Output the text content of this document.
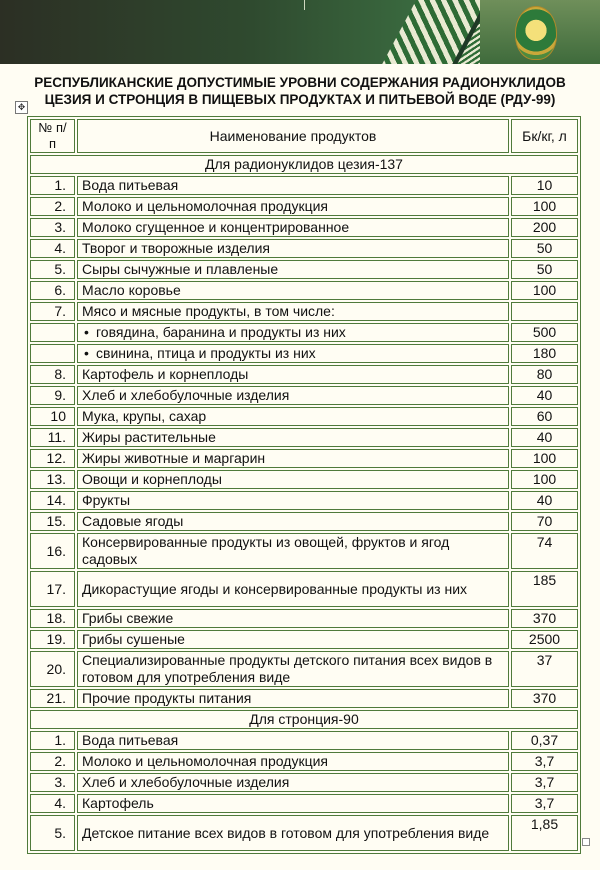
РЕСПУБЛИКАНСКИЕ ДОПУСТИМЫЕ УРОВНИ СОДЕРЖАНИЯ РАДИОНУКЛИДОВ
ЦЕЗИЯ И СТРОНЦИЯ В ПИЩЕВЫХ ПРОДУКТАХ И ПИТЬЕВОЙ ВОДЕ (РДУ-99)
✥
№ п/п	Наименование продуктов	Бк/кг, л
Для радионуклидов цезия-137		
1.	Вода питьевая	10
2.	Молоко и цельномолочная продукция	100
3.	Молоко сгущенное и концентрированное	200
4.	Творог и творожные изделия	50
5.	Сыры сычужные и плавленые	50
6.	Масло коровье	100
7.	Мясо и мясные продукты, в том числе:	
	• говядина, баранина и продукты из них	500
	• свинина, птица и продукты из них	180
8.	Картофель и корнеплоды	80
9.	Хлеб и хлебобулочные изделия	40
10	Мука, крупы, сахар	60
11.	Жиры растительные	40
12.	Жиры животные и маргарин	100
13.	Овощи и корнеплоды	100
14.	Фрукты	40
15.	Садовые ягоды	70
16.	Консервированные продукты из овощей, фруктов и ягод садовых	74
17.	Дикорастущие ягоды и консервированные продукты из них	185
18.	Грибы свежие	370
19.	Грибы сушеные	2500
20.	Специализированные продукты детского питания всех видов в готовом для употребления виде	37
21.	Прочие продукты питания	370
Для стронция-90		
1.	Вода питьевая	0,37
2.	Молоко и цельномолочная продукция	3,7
3.	Хлеб и хлебобулочные изделия	3,7
4.	Картофель	3,7
5.	Детское питание всех видов в готовом для употребления виде	1,85
